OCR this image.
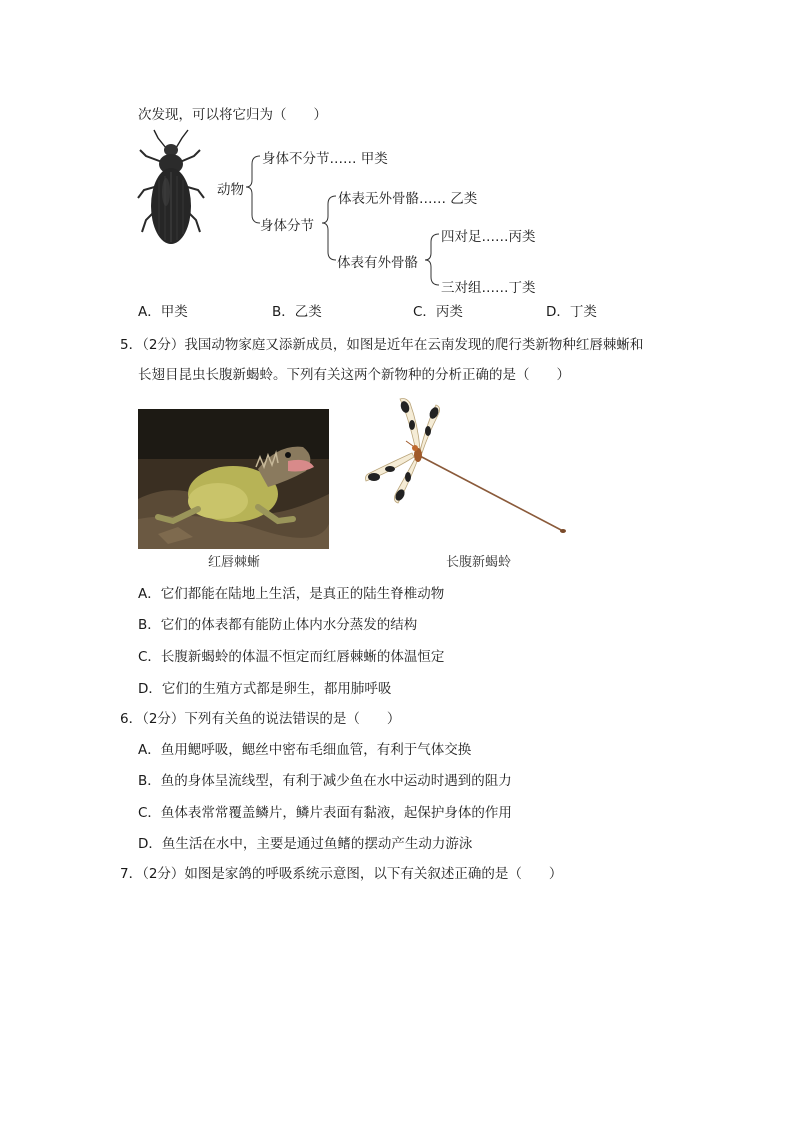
次发现，可以将它归为（　　）
动物
身体不分节…… 甲类
身体分节
体表无外骨骼…… 乙类
体表有外骨骼
四对足……丙类
三对组……丁类
A．甲类	B．乙类	C．丙类	D．丁类
5．（2分）我国动物家庭又添新成员，如图是近年在云南发现的爬行类新物种红唇棘蜥和
长翅目昆虫长腹新蝎蛉。下列有关这两个新物种的分析正确的是（　　）
红唇棘蜥	长腹新蝎蛉
A．它们都能在陆地上生活，是真正的陆生脊椎动物
B．它们的体表都有能防止体内水分蒸发的结构
C．长腹新蝎蛉的体温不恒定而红唇棘蜥的体温恒定
D．它们的生殖方式都是卵生，都用肺呼吸
6．（2分）下列有关鱼的说法错误的是（　　）
A．鱼用鳃呼吸，鳃丝中密布毛细血管，有利于气体交换
B．鱼的身体呈流线型，有利于减少鱼在水中运动时遇到的阻力
C．鱼体表常常覆盖鳞片，鳞片表面有黏液，起保护身体的作用
D．鱼生活在水中，主要是通过鱼鳍的摆动产生动力游泳
7．（2分）如图是家鸽的呼吸系统示意图，以下有关叙述正确的是（　　）
